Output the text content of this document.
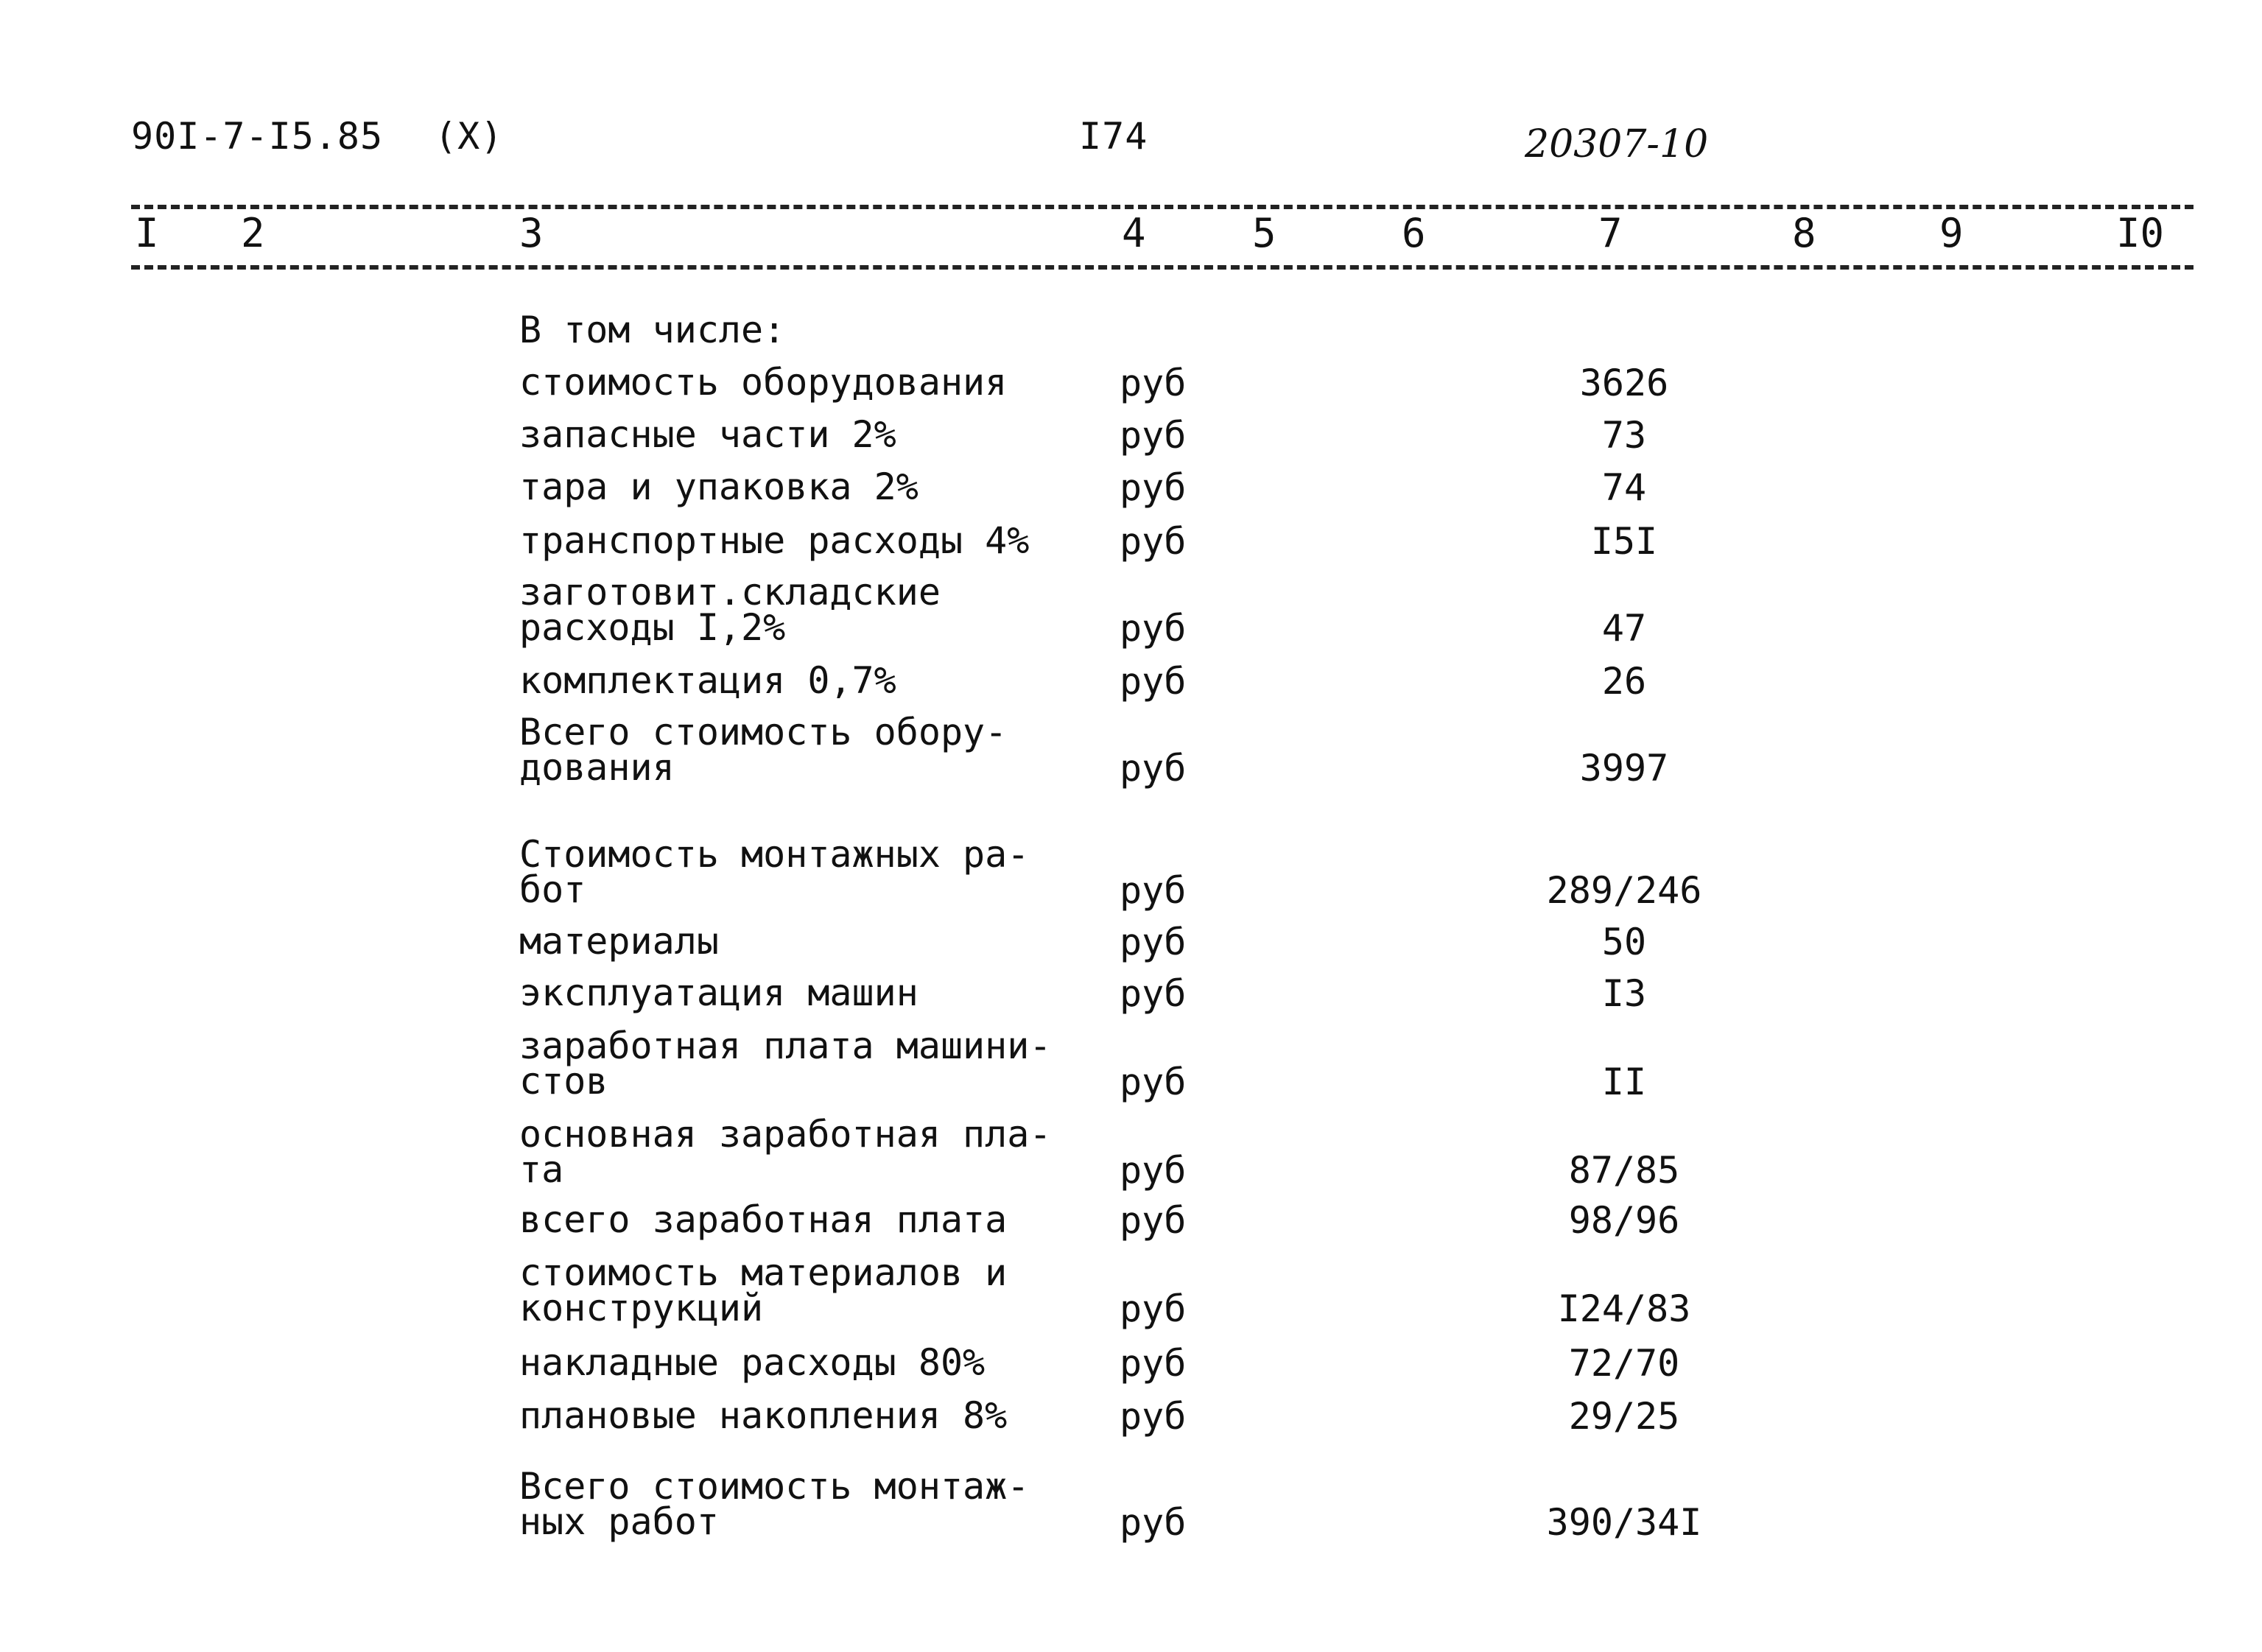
90I-7-I5.85 (X)	I74	20307-10
I 2	3	4	5	6	7	8	9	I0
В том числе:
стоимость оборудования	руб	3626
запасные части 2%	руб	73
тара и упаковка 2%	руб	74
транспортные расходы 4% руб	I5I
заготовит.складские
расходы I,2%	руб	47
комплектация 0,7%	руб	26
Всего стоимость обору-
дования	руб	3997
Стоимость монтажных ра-
бот	руб	289/246
материалы	руб	50
эксплуатация машин	руб	I3
заработная плата машини-
стов	руб	II
основная заработная пла-
та	руб	87/85
всего заработная плата	руб	98/96
стоимость материалов и
конструкций	руб	I24/83
накладные расходы 80%	руб	72/70
плановые накопления 8%	руб	29/25
Всего стоимость монтаж-
ных работ	руб	390/34I
